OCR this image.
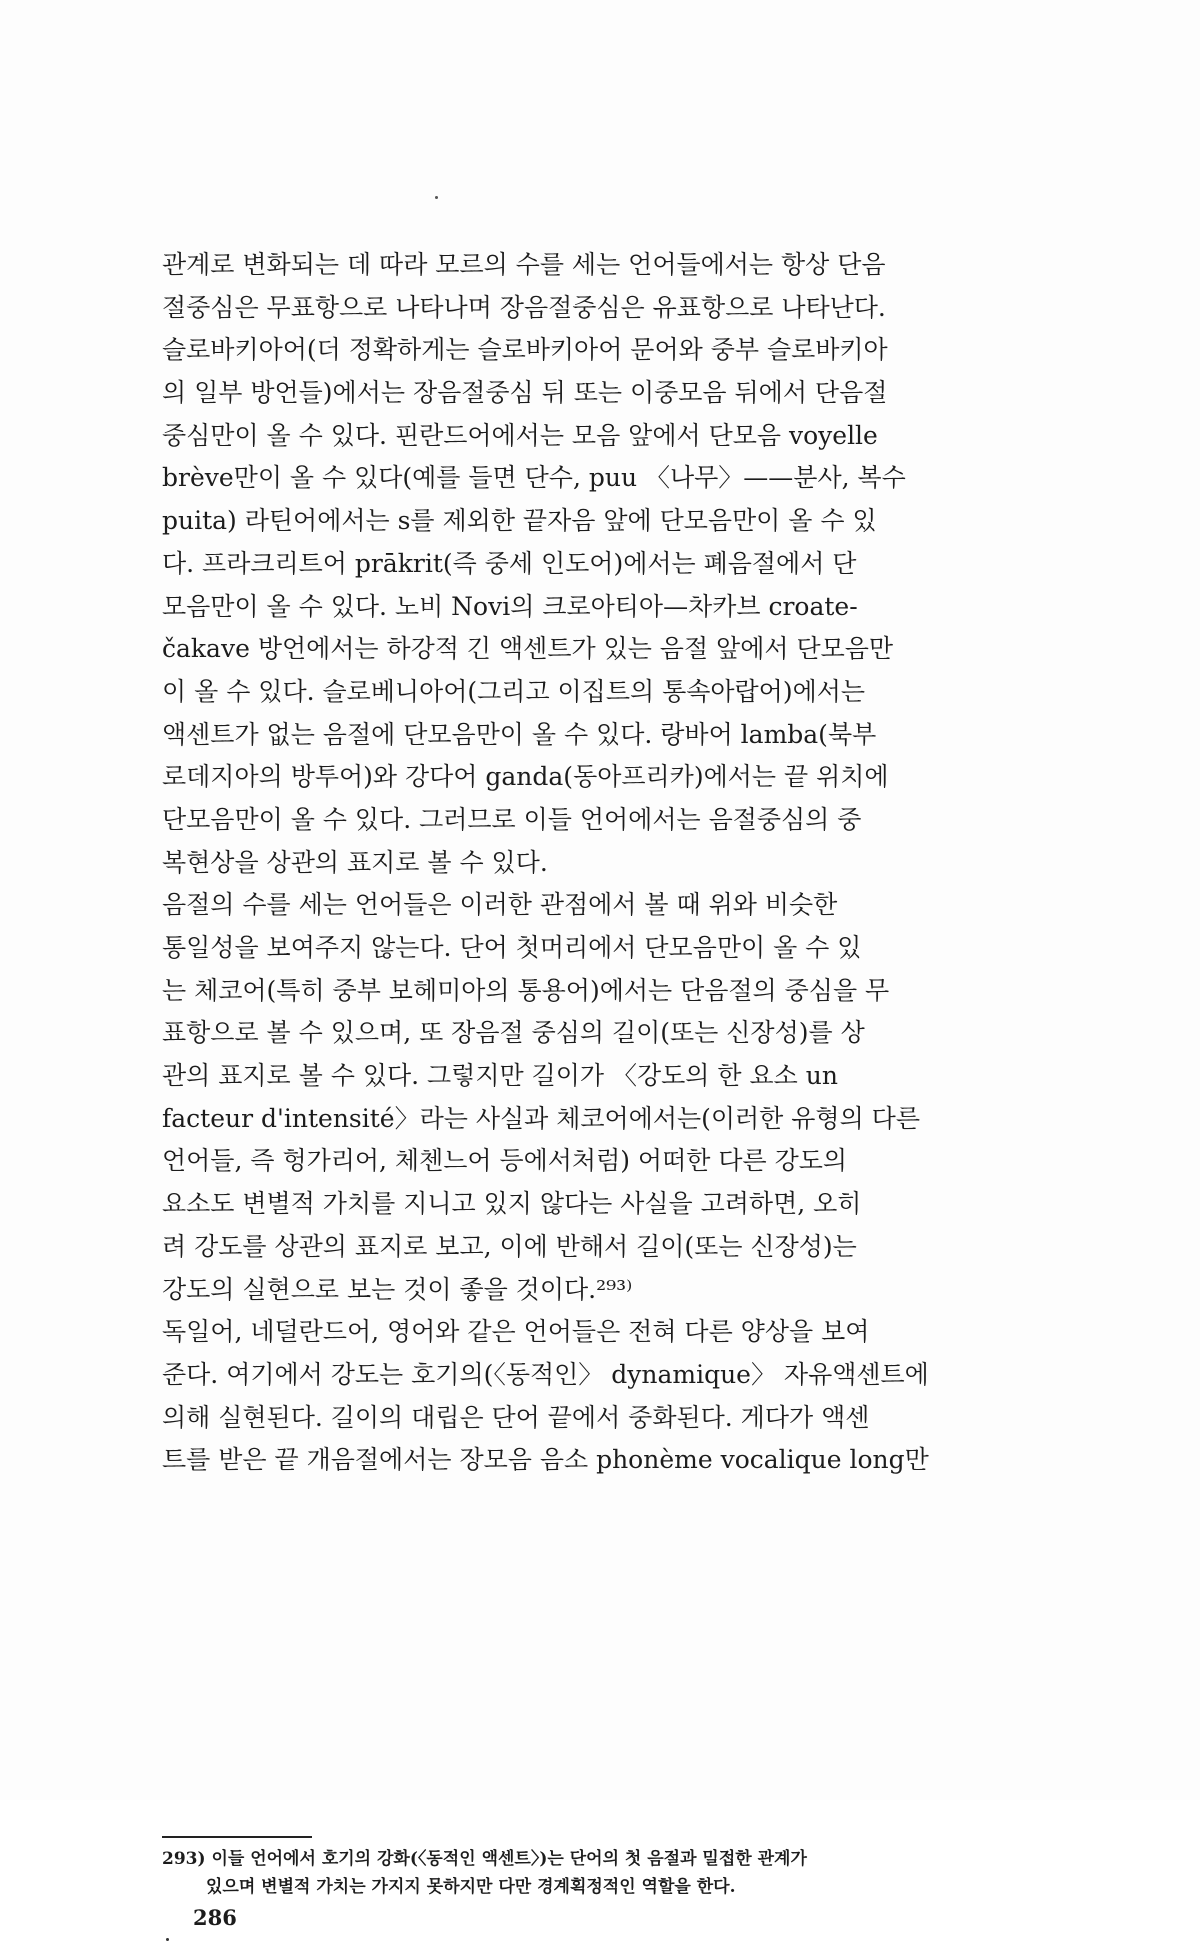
관계로 변화되는 데 따라 모르의 수를 세는 언어들에서는 항상 단음
절중심은 무표항으로 나타나며 장음절중심은 유표항으로 나타난다.
슬로바키아어(더 정확하게는 슬로바키아어 문어와 중부 슬로바키아
의 일부 방언들)에서는 장음절중심 뒤 또는 이중모음 뒤에서 단음절
중심만이 올 수 있다. 핀란드어에서는 모음 앞에서 단모음 voyelle
brève만이 올 수 있다(예를 들면 단수, puu 〈나무〉——분사, 복수
puita) 라틴어에서는 s를 제외한 끝자음 앞에 단모음만이 올 수 있
다. 프라크리트어 prākrit(즉 중세 인도어)에서는 폐음절에서 단
모음만이 올 수 있다. 노비 Novi의 크로아티아—차카브 croate-
čakave 방언에서는 하강적 긴 액센트가 있는 음절 앞에서 단모음만
이 올 수 있다. 슬로베니아어(그리고 이집트의 통속아랍어)에서는
액센트가 없는 음절에 단모음만이 올 수 있다. 랑바어 lamba(북부
로데지아의 방투어)와 강다어 ganda(동아프리카)에서는 끝 위치에
단모음만이 올 수 있다. 그러므로 이들 언어에서는 음절중심의 중
복현상을 상관의 표지로 볼 수 있다.
음절의 수를 세는 언어들은 이러한 관점에서 볼 때 위와 비슷한
통일성을 보여주지 않는다. 단어 첫머리에서 단모음만이 올 수 있
는 체코어(특히 중부 보헤미아의 통용어)에서는 단음절의 중심을 무
표항으로 볼 수 있으며, 또 장음절 중심의 길이(또는 신장성)를 상
관의 표지로 볼 수 있다. 그렇지만 길이가 〈강도의 한 요소 un
facteur d'intensité〉라는 사실과 체코어에서는(이러한 유형의 다른
언어들, 즉 헝가리어, 체첸느어 등에서처럼) 어떠한 다른 강도의
요소도 변별적 가치를 지니고 있지 않다는 사실을 고려하면, 오히
려 강도를 상관의 표지로 보고, 이에 반해서 길이(또는 신장성)는
강도의 실현으로 보는 것이 좋을 것이다.²⁹³⁾
독일어, 네덜란드어, 영어와 같은 언어들은 전혀 다른 양상을 보여
준다. 여기에서 강도는 호기의(〈동적인〉 dynamique〉 자유액센트에
의해 실현된다. 길이의 대립은 단어 끝에서 중화된다. 게다가 액센
트를 받은 끝 개음절에서는 장모음 음소 phonème vocalique long만
293) 이들 언어에서 호기의 강화(〈동적인 액센트〉)는 단어의 첫 음절과 밀접한 관계가
있으며 변별적 가치는 가지지 못하지만 다만 경계획정적인 역할을 한다.
286
